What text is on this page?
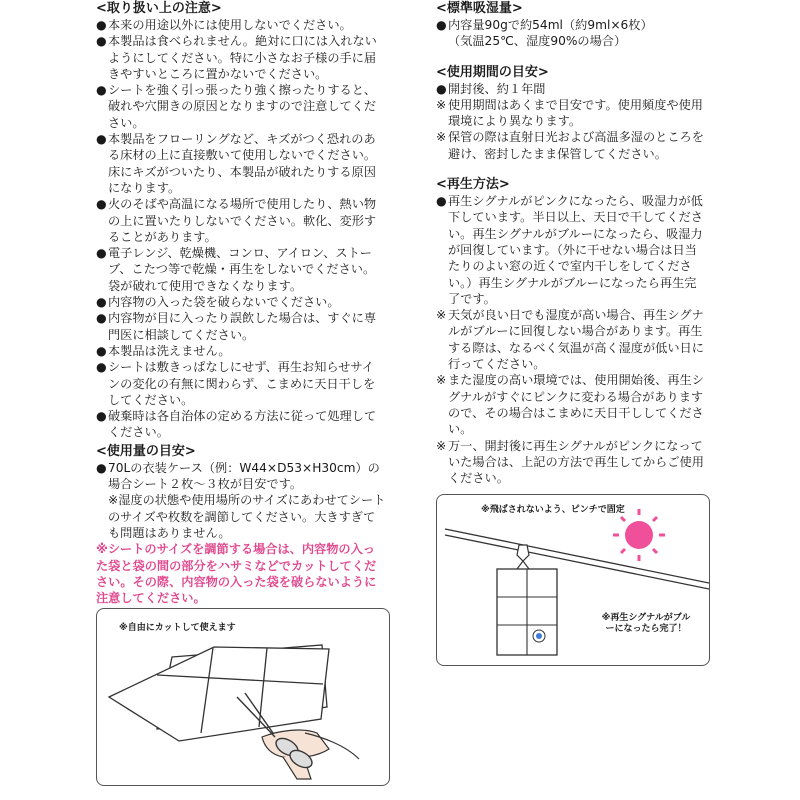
<取り扱い上の注意>

● 本来の用途以外には使用しないでください。
● 本製品は食べられません。絶対に口には入れないようにしてください。特に小さなお子様の手に届きやすいところに置かないでください。
● シートを強く引っ張ったり強く擦ったりすると、破れや穴開きの原因となりますので注意してください。
● 本製品をフローリングなど、キズがつく恐れのある床材の上に直接敷いて使用しないでください。床にキズがついたり、本製品が破れたりする原因になります。
● 火のそばや高温になる場所で使用したり、熱い物の上に置いたりしないでください。軟化、変形することがあります。
● 電子レンジ、乾燥機、コンロ、アイロン、ストーブ、こたつ等で乾燥・再生をしないでください。袋が破れて使用できなくなります。
● 内容物の入った袋を破らないでください。
● 内容物が目に入ったり誤飲した場合は、すぐに専門医に相談してください。
● 本製品は洗えません。
● シートは敷きっぱなしにせず、再生お知らせサインの変化の有無に関わらず、こまめに天日干しをしてください。
● 破棄時は各自治体の定める方法に従って処理してください。

<使用量の目安>

● 70Lの衣装ケース（例：W44×D53×H30cm）の場合シート２枚〜３枚が目安です。
※湿度の状態や使用場所のサイズにあわせてシートのサイズや枚数を調節してください。大きすぎても問題はありません。
※シートのサイズを調節する場合は、内容物の入った袋と袋の間の部分をハサミなどでカットしてください。その際、内容物の入った袋を破らないように注意してください。
※自由にカットして使えます

<標準吸湿量>

● 内容量90gで約54ml（約9ml×6枚）
（気温25℃、湿度90%の場合）

<使用期間の目安>

● 開封後、約１年間
※ 使用期間はあくまで目安です。使用頻度や使用環境により異なります。
※ 保管の際は直射日光および高温多湿のところを避け、密封したまま保管してください。

<再生方法>

● 再生シグナルがピンクになったら、吸湿力が低下しています。半日以上、天日で干してください。再生シグナルがブルーになったら、吸湿力が回復しています。（外に干せない場合は日当たりのよい窓の近くで室内干しをしてください。）再生シグナルがブルーになったら再生完了です。
※ 天気が良い日でも湿度が高い場合、再生シグナルがブルーに回復しない場合があります。再生する際は、なるべく気温が高く湿度が低い日に行ってください。
※ また湿度の高い環境では、使用開始後、再生シグナルがすぐにピンクに変わる場合がありますので、その場合はこまめに天日干ししてください。
※ 万一、開封後に再生シグナルがピンクになっていた場合は、上記の方法で再生してからご使用ください。
※飛ばされないよう、ピンチで固定
※再生シグナルがブルーになったら完了！
